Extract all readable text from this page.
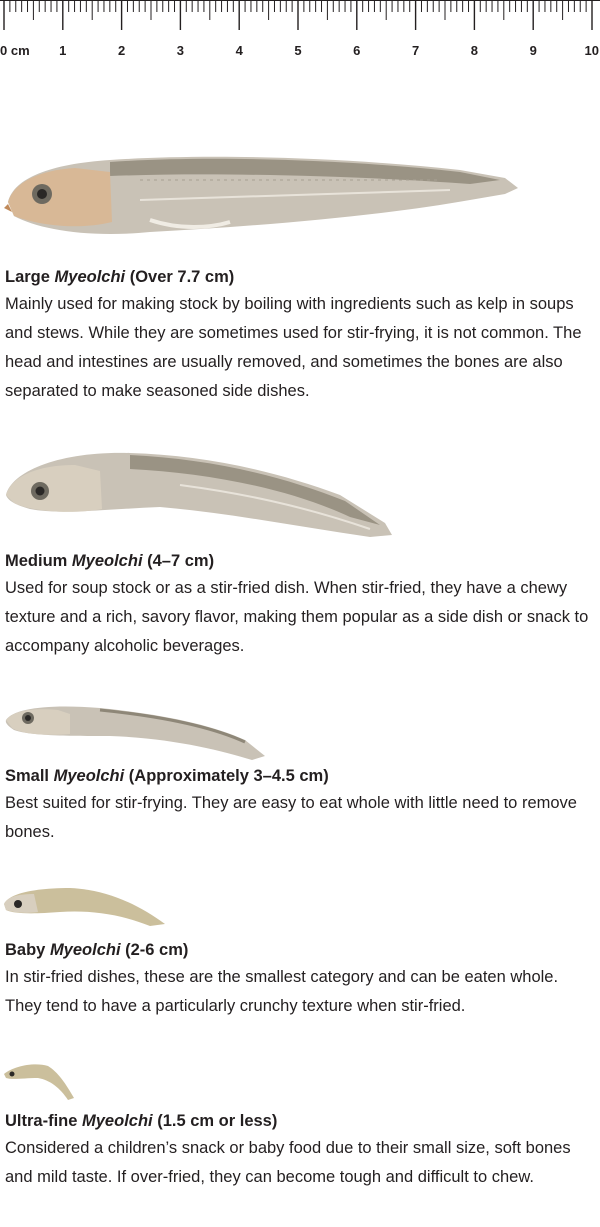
0 cm 1	2	3	4	5	6	7	8	9	10
Large Myeolchi (Over 7.7 cm)

Mainly used for making stock by boiling with ingredients such as kelp in soups and stews. While they are sometimes used for stir-frying, it is not common. The head and intestines are usually removed, and sometimes the bones are also separated to make seasoned side dishes.

Medium Myeolchi (4–7 cm)

Used for soup stock or as a stir-fried dish. When stir-fried, they have a chewy texture and a rich, savory flavor, making them popular as a side dish or snack to accompany alcoholic beverages.

Small Myeolchi (Approximately 3–4.5 cm)

Best suited for stir-frying. They are easy to eat whole with little need to remove bones.

Baby Myeolchi (2-6 cm)

In stir-fried dishes, these are the smallest category and can be eaten whole. They tend to have a particularly crunchy texture when stir-fried.

Ultra-fine Myeolchi (1.5 cm or less)

Considered a children’s snack or baby food due to their small size, soft bones and mild taste. If over-fried, they can become tough and difficult to chew.
